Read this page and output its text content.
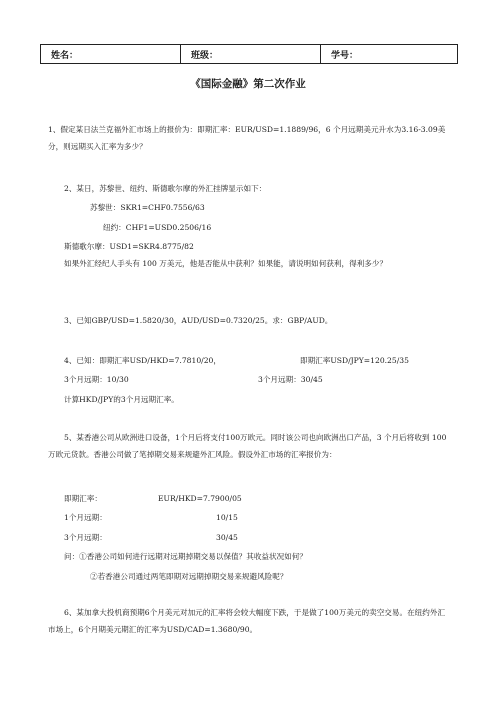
姓名：	班级：	学号：
《国际金融》第二次作业
1、假定某日法兰克福外汇市场上的报价为：即期汇率：EUR/USD=1.1889/96，6 个月远期美元升水为3.16-3.09美分，则远期买入汇率为多少？
2、某日，苏黎世、纽约、斯德歌尔摩的外汇挂牌显示如下：
苏黎世：SKR1=CHF0.7556/63
纽约：CHF1=USD0.2506/16
斯德歌尔摩：USD1=SKR4.8775/82
如果外汇经纪人手头有 100 万美元，他是否能从中获利？如果能，请说明如何获利，得利多少？
3、已知GBP/USD=1.5820/30，AUD/USD=0.7320/25。求：GBP/AUD。
4、已知：即期汇率USD/HKD=7.7810/20，	即期汇率USD/JPY=120.25/35
3个月远期：10/30	3个月远期：30/45
计算HKD/JPY的3个月远期汇率。
5、某香港公司从欧洲进口设备，1个月后将支付100万欧元。同时该公司也向欧洲出口产品，3 个月后将收到 100 万欧元货款。香港公司做了笔掉期交易来规避外汇风险。假设外汇市场的汇率报价为：
即期汇率：	EUR/HKD=7.7900/05
1个月远期：	10/15
3个月远期：	30/45
问：①香港公司如何进行远期对远期掉期交易以保值？其收益状况如何？
②若香港公司通过两笔即期对远期掉期交易来规避风险呢？
6、某加拿大投机商预期6个月美元对加元的汇率将会较大幅度下跌，于是做了100万美元的卖空交易。在纽约外汇市场上，6个月期美元期汇的汇率为USD/CAD=1.3680/90。
